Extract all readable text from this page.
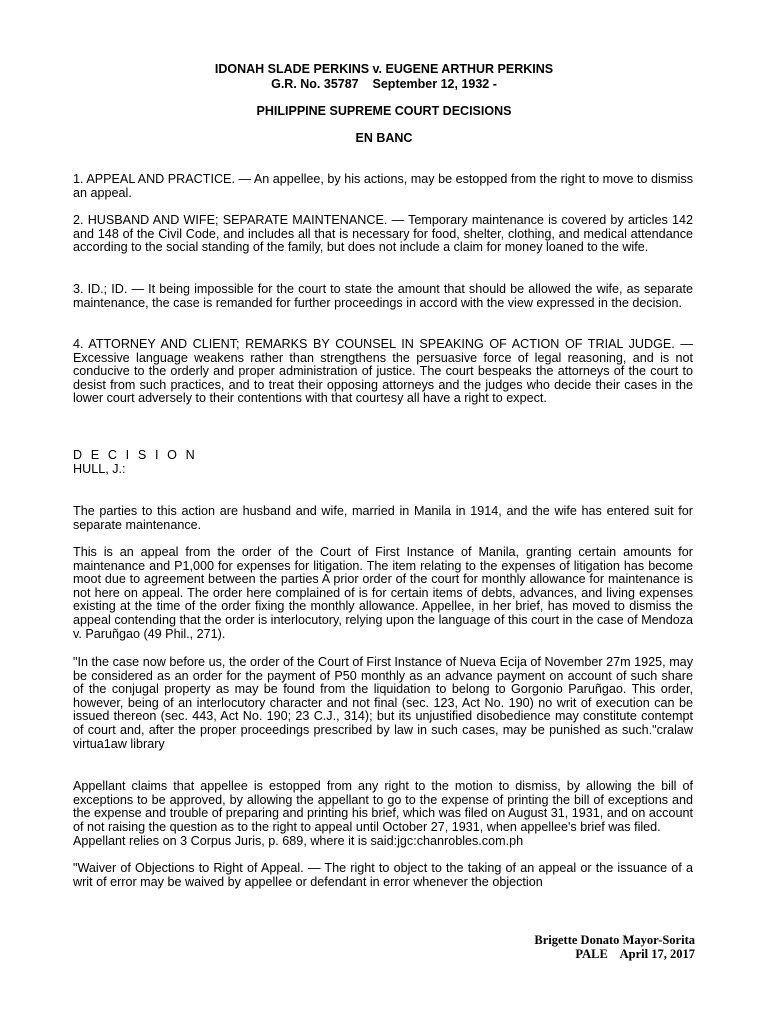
IDONAH SLADE PERKINS v. EUGENE ARTHUR PERKINS
G.R. No. 35787    September 12, 1932 -
PHILIPPINE SUPREME COURT DECISIONS
EN BANC

1. APPEAL AND PRACTICE. — An appellee, by his actions, may be estopped from the right to move to dismiss an appeal.

2. HUSBAND AND WIFE; SEPARATE MAINTENANCE. — Temporary maintenance is covered by articles 142 and 148 of the Civil Code, and includes all that is necessary for food, shelter, clothing, and medical attendance according to the social standing of the family, but does not include a claim for money loaned to the wife.

3. ID.; ID. — It being impossible for the court to state the amount that should be allowed the wife, as separate maintenance, the case is remanded for further proceedings in accord with the view expressed in the decision.

4. ATTORNEY AND CLIENT; REMARKS BY COUNSEL IN SPEAKING OF ACTION OF TRIAL JUDGE. — Excessive language weakens rather than strengthens the persuasive force of legal reasoning, and is not conducive to the orderly and proper administration of justice. The court bespeaks the attorneys of the court to desist from such practices, and to treat their opposing attorneys and the judges who decide their cases in the lower court adversely to their contentions with that courtesy all have a right to expect.

D E C I S I O N
HULL, J.:

The parties to this action are husband and wife, married in Manila in 1914, and the wife has entered suit for separate maintenance.

This is an appeal from the order of the Court of First Instance of Manila, granting certain amounts for maintenance and P1,000 for expenses for litigation. The item relating to the expenses of litigation has become moot due to agreement between the parties A prior order of the court for monthly allowance for maintenance is not here on appeal. The order here complained of is for certain items of debts, advances, and living expenses existing at the time of the order fixing the monthly allowance. Appellee, in her brief, has moved to dismiss the appeal contending that the order is interlocutory, relying upon the language of this court in the case of Mendoza v. Paruñgao (49 Phil., 271).

"In the case now before us, the order of the Court of First Instance of Nueva Ecija of November 27m 1925, may be considered as an order for the payment of P50 monthly as an advance payment on account of such share of the conjugal property as may be found from the liquidation to belong to Gorgonio Paruñgao. This order, however, being of an interlocutory character and not final (sec. 123, Act No. 190) no writ of execution can be issued thereon (sec. 443, Act No. 190; 23 C.J., 314); but its unjustified disobedience may constitute contempt of court and, after the proper proceedings prescribed by law in such cases, may be punished as such."cralaw virtua1aw library

Appellant claims that appellee is estopped from any right to the motion to dismiss, by allowing the bill of exceptions to be approved, by allowing the appellant to go to the expense of printing the bill of exceptions and the expense and trouble of preparing and printing his brief, which was filed on August 31, 1931, and on account of not raising the question as to the right to appeal until October 27, 1931, when appellee's brief was filed.

Appellant relies on 3 Corpus Juris, p. 689, where it is said:jgc:chanrobles.com.ph

"Waiver of Objections to Right of Appeal. — The right to object to the taking of an appeal or the issuance of a writ of error may be waived by appellee or defendant in error whenever the objection

Brigette Donato Mayor-Sorita
PALE    April 17, 2017
